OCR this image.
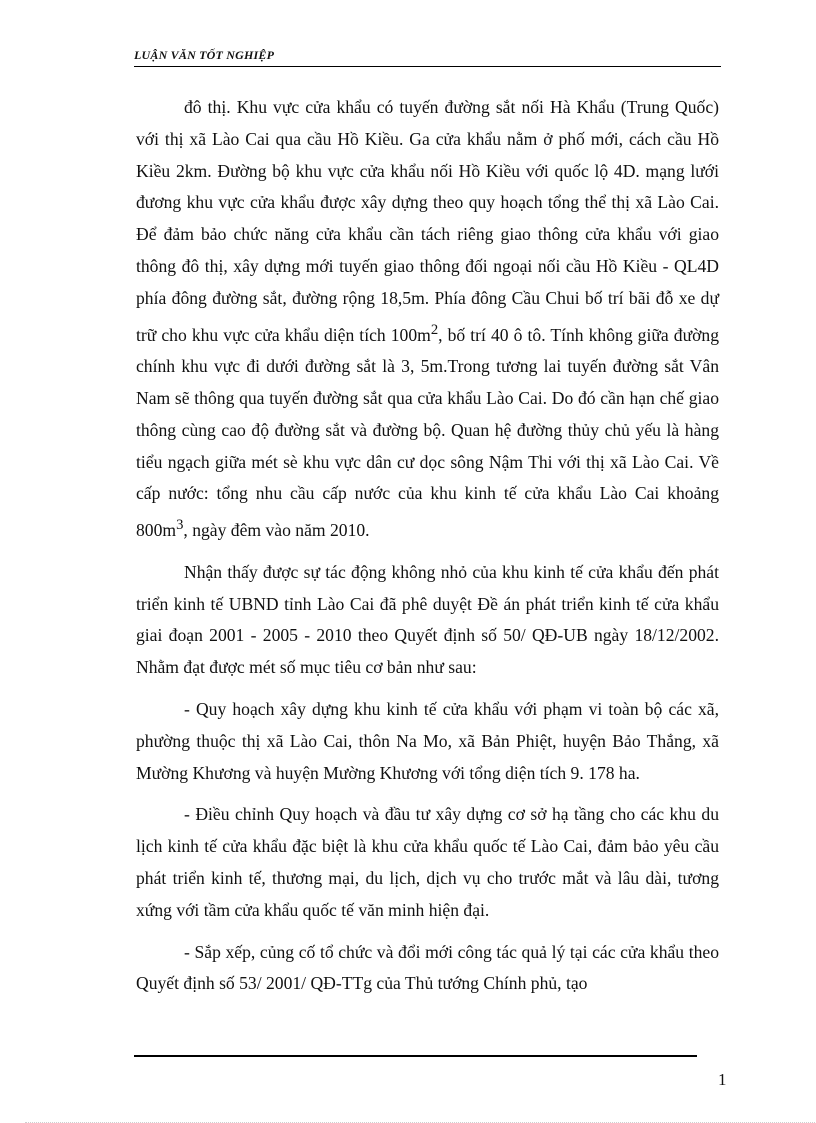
LUẬN VĂN TỐT NGHIỆP

đô thị. Khu vực cửa khẩu có tuyến đường sắt nối Hà Khẩu (Trung Quốc) với thị xã Lào Cai qua cầu Hồ Kiều. Ga cửa khẩu nằm ở phố mới, cách cầu Hồ Kiều 2km. Đường bộ khu vực cửa khẩu nối Hồ Kiều với quốc lộ 4D. mạng lưới đương khu vực cửa khẩu được xây dựng theo quy hoạch tổng thể thị xã Lào Cai. Để đảm bảo chức năng cửa khẩu cần tách riêng giao thông cửa khẩu với giao thông đô thị, xây dựng mới tuyến giao thông đối ngoại nối cầu Hồ Kiều - QL4D phía đông đường sắt, đường rộng 18,5m. Phía đông Cầu Chui bố trí bãi đỗ xe dự trữ cho khu vực cửa khẩu diện tích $100m^2$, bố trí 40 ô tô. Tính không giữa đường chính khu vực đi dưới đường sắt là 3, 5m.Trong tương lai tuyến đường sắt Vân Nam sẽ thông qua tuyến đường sắt qua cửa khẩu Lào Cai. Do đó cần hạn chế giao thông cùng cao độ đường sắt và đường bộ. Quan hệ đường thủy chủ yếu là hàng tiểu ngạch giữa mét sè khu vực dân cư dọc sông Nậm Thi với thị xã Lào Cai. Về cấp nước: tổng nhu cầu cấp nước của khu kinh tế cửa khẩu Lào Cai khoảng $800m^3$, ngày đêm vào năm 2010.

Nhận thấy được sự tác động không nhỏ của khu kinh tế cửa khẩu đến phát triển kinh tế UBND tỉnh Lào Cai đã phê duyệt Đề án phát triển kinh tế cửa khẩu giai đoạn 2001 - 2005 - 2010 theo Quyết định số 50/ QĐ-UB ngày 18/12/2002. Nhằm đạt được mét số mục tiêu cơ bản như sau:

- Quy hoạch xây dựng khu kinh tế cửa khẩu với phạm vi toàn bộ các xã, phường thuộc thị xã Lào Cai, thôn Na Mo, xã Bản Phiệt, huyện Bảo Thắng, xã Mường Khương và huyện Mường Khương với tổng diện tích 9. 178 ha.

- Điều chỉnh Quy hoạch và đầu tư xây dựng cơ sở hạ tầng cho các khu du lịch kinh tế cửa khẩu đặc biệt là khu cửa khẩu quốc tế Lào Cai, đảm bảo yêu cầu phát triển kinh tế, thương mại, du lịch, dịch vụ cho trước mắt và lâu dài, tương xứng với tầm cửa khẩu quốc tế văn minh hiện đại.

- Sắp xếp, củng cố tổ chức và đổi mới công tác quả lý tại các cửa khẩu theo Quyết định số 53/ 2001/ QĐ-TTg của Thủ tướng Chính phủ, tạo

1
